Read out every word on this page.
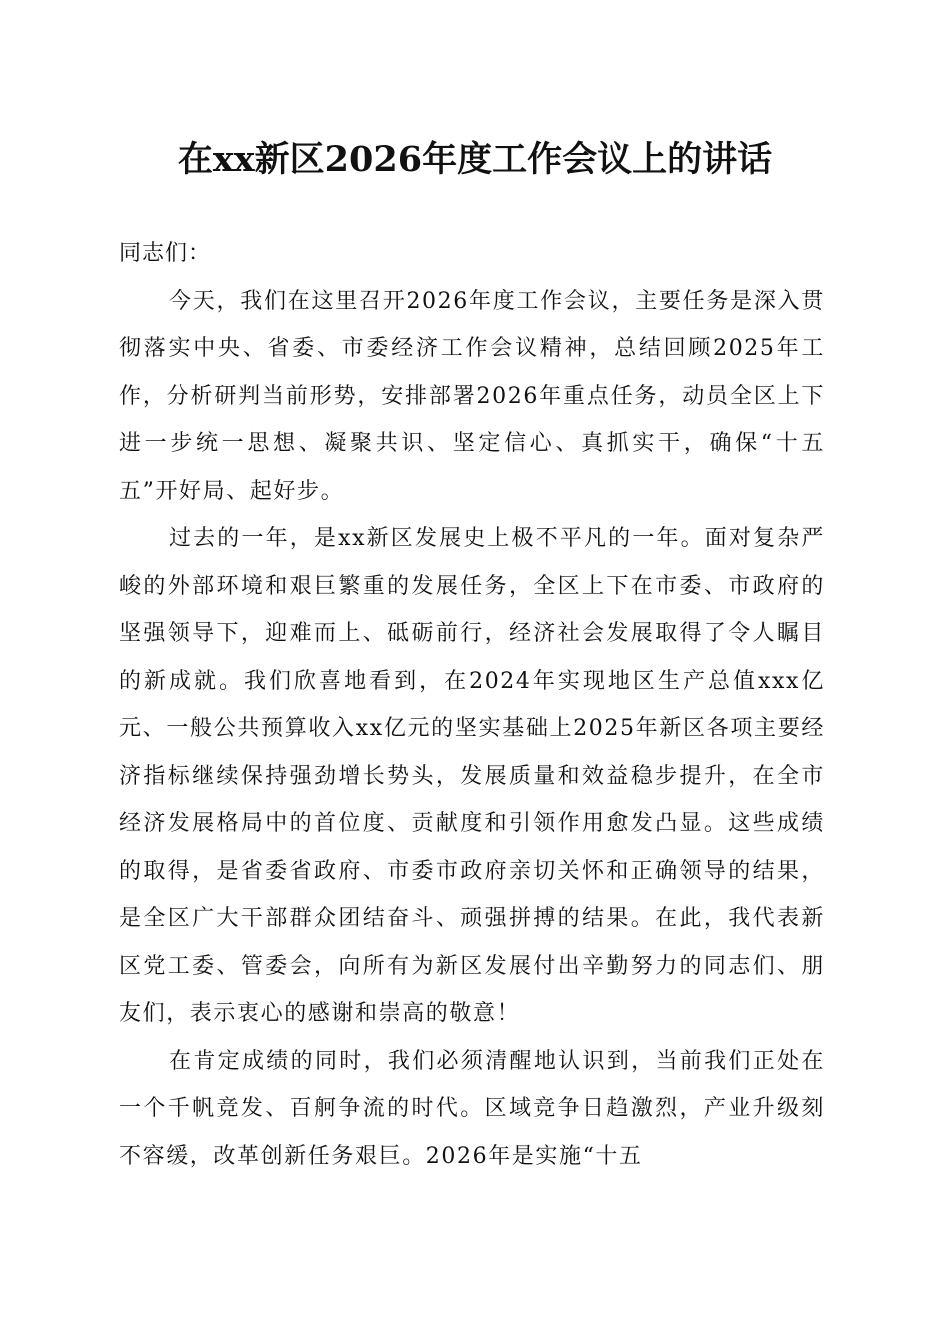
在xx新区2026年度工作会议上的讲话

同志们：

今天，我们在这里召开2026年度工作会议，主要任务是深入贯彻落实中央、省委、市委经济工作会议精神，总结回顾2025年工作，分析研判当前形势，安排部署2026年重点任务，动员全区上下进一步统一思想、凝聚共识、坚定信心、真抓实干，确保“十五五”开好局、起好步。

过去的一年，是xx新区发展史上极不平凡的一年。面对复杂严峻的外部环境和艰巨繁重的发展任务，全区上下在市委、市政府的坚强领导下，迎难而上、砥砺前行，经济社会发展取得了令人瞩目的新成就。我们欣喜地看到，在2024年实现地区生产总值xxx亿元、一般公共预算收入xx亿元的坚实基础上2025年新区各项主要经济指标继续保持强劲增长势头，发展质量和效益稳步提升，在全市经济发展格局中的首位度、贡献度和引领作用愈发凸显。这些成绩的取得，是省委省政府、市委市政府亲切关怀和正确领导的结果，是全区广大干部群众团结奋斗、顽强拼搏的结果。在此，我代表新区党工委、管委会，向所有为新区发展付出辛勤努力的同志们、朋友们，表示衷心的感谢和崇高的敬意！

在肯定成绩的同时，我们必须清醒地认识到，当前我们正处在一个千帆竞发、百舸争流的时代。区域竞争日趋激烈，产业升级刻不容缓，改革创新任务艰巨。2026年是实施“十五
